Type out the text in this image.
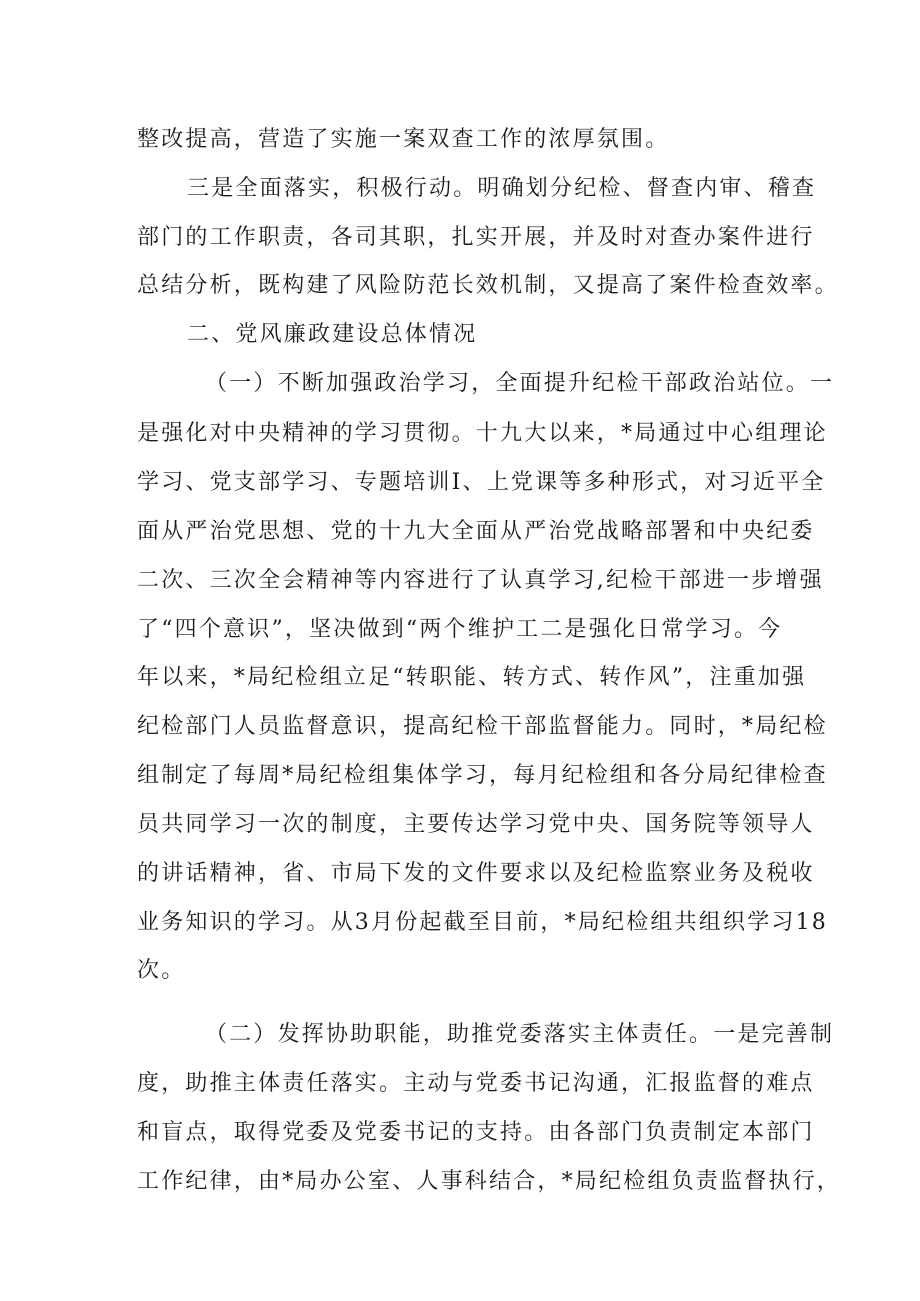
整改提高，营造了实施一案双查工作的浓厚氛围。
三是全面落实，积极行动。明确划分纪检、督查内审、稽查
部门的工作职责，各司其职，扎实开展，并及时对查办案件进行
总结分析，既构建了风险防范长效机制，又提高了案件检查效率。
二、党风廉政建设总体情况
（一）不断加强政治学习，全面提升纪检干部政治站位。一
是强化对中央精神的学习贯彻。十九大以来，*局通过中心组理论
学习、党支部学习、专题培训I、上党课等多种形式，对习近平全
面从严治党思想、党的十九大全面从严治党战略部署和中央纪委
二次、三次全会精神等内容进行了认真学习,纪检干部进一步增强
了“四个意识”，坚决做到“两个维护工二是强化日常学习。今
年以来，*局纪检组立足“转职能、转方式、转作风”，注重加强
纪检部门人员监督意识，提高纪检干部监督能力。同时，*局纪检
组制定了每周*局纪检组集体学习，每月纪检组和各分局纪律检查
员共同学习一次的制度，主要传达学习党中央、国务院等领导人
的讲话精神，省、市局下发的文件要求以及纪检监察业务及税收
业务知识的学习。从3月份起截至目前，*局纪检组共组织学习18
次。
（二）发挥协助职能，助推党委落实主体责任。一是完善制
度，助推主体责任落实。主动与党委书记沟通，汇报监督的难点
和盲点，取得党委及党委书记的支持。由各部门负责制定本部门
工作纪律，由*局办公室、人事科结合，*局纪检组负责监督执行，
